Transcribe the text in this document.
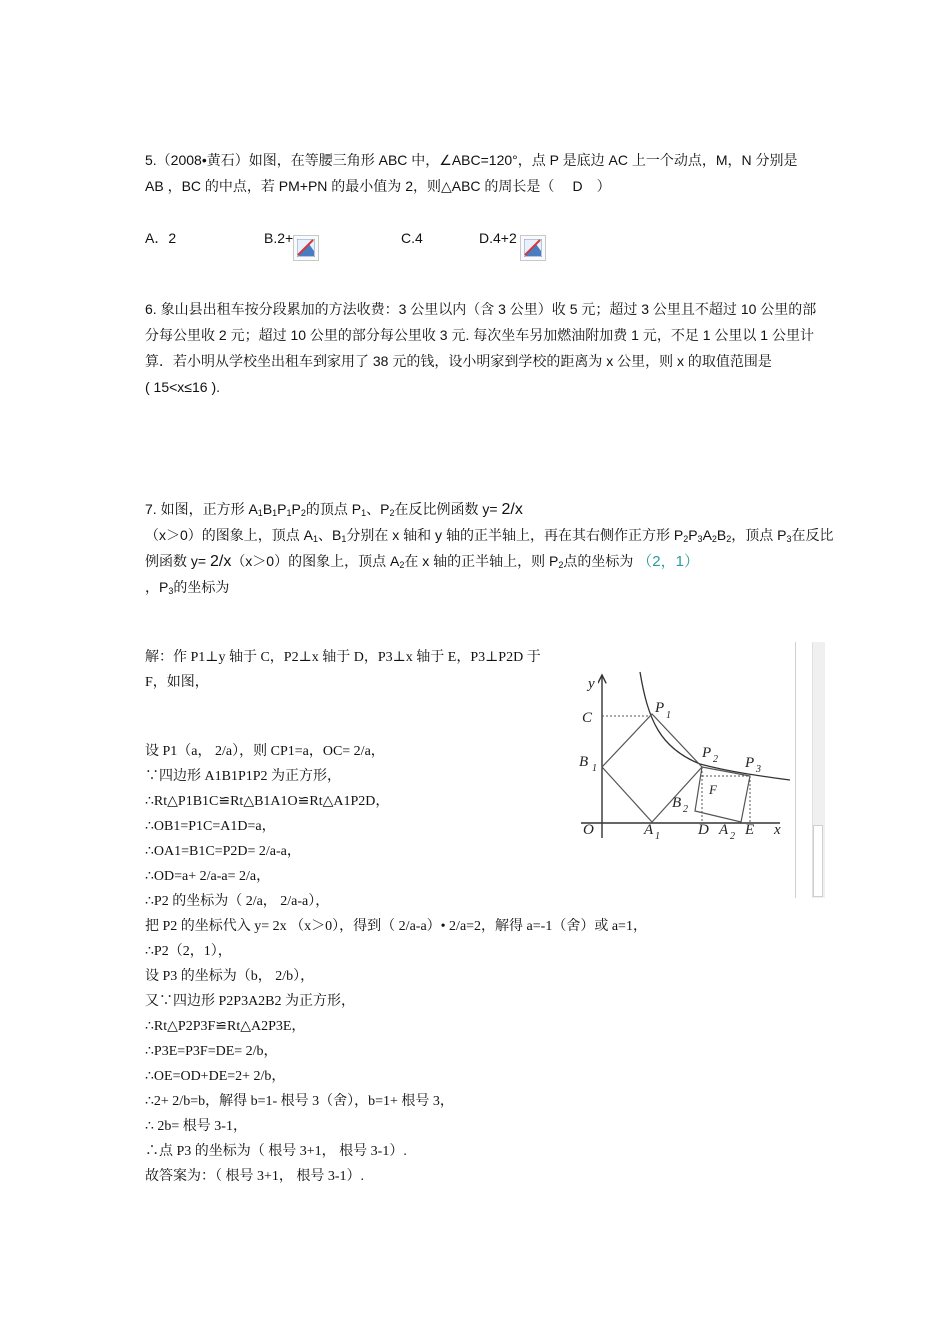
5.（2008•黄石）如图，在等腰三角形 ABC 中，∠ABC=120°，点 P 是底边 AC 上一个动点，M，N 分别是
AB ，BC 的中点，若 PM+PN 的最小值为 2，则△ABC 的周长是（ D ）
A．2	B.2+	C.4	D.4+2
6. 象山县出租车按分段累加的方法收费：3 公里以内（含 3 公里）收 5 元；超过 3 公里且不超过 10 公里的部
分每公里收 2 元；超过 10 公里的部分每公里收 3 元. 每次坐车另加燃油附加费 1 元，不足 1 公里以 1 公里计
算．若小明从学校坐出租车到家用了 38 元的钱，设小明家到学校的距离为 x 公里，则 x 的取值范围是
( 15<x≤16 ).
7. 如图，正方形 $A_1B_1P_1P_2$的顶点 $P_1$、$P_2$在反比例函数 y= 2/x
（x＞0）的图象上，顶点 $A_1$、$B_1$分别在 x 轴和 y 轴的正半轴上，再在其右侧作正方形 $P_2P_3A_2B_2$，顶点 $P_3$在反比
例函数 y= 2/x（x＞0）的图象上，顶点 $A_2$在 x 轴的正半轴上，则 $P_2$点的坐标为 （2，1）
，$P_3$的坐标为
解：作 P1⊥y 轴于 C，P2⊥x 轴于 D，P3⊥x 轴于 E，P3⊥P2D 于
F，如图，
设 P1（a， 2/a），则 CP1=a，OC= 2/a，
∵四边形 A1B1P1P2 为正方形，
∴Rt△P1B1C≌Rt△B1A1O≌Rt△A1P2D，
∴OB1=P1C=A1D=a，
∴OA1=B1C=P2D= 2/a-a，
∴OD=a+ 2/a-a= 2/a，
∴P2 的坐标为（ 2/a， 2/a-a），
把 P2 的坐标代入 y= 2x （x＞0），得到（ 2/a-a）• 2/a=2，解得 a=-1（舍）或 a=1，
∴P2（2，1），
设 P3 的坐标为（b， 2/b），
又∵四边形 P2P3A2B2 为正方形，
∴Rt△P2P3F≌Rt△A2P3E，
∴P3E=P3F=DE= 2/b，
∴OE=OD+DE=2+ 2/b，
∴2+ 2/b=b，解得 b=1- 根号 3（舍），b=1+ 根号 3，
∴ 2b= 根号 3-1，
∴点 P3 的坐标为（ 根号 3+1， 根号 3-1）.
故答案为：（ 根号 3+1， 根号 3-1）.
y
x
O
C
B 1
P 1
P 2 P 3
B 2
F
A 1	D A 2 E
